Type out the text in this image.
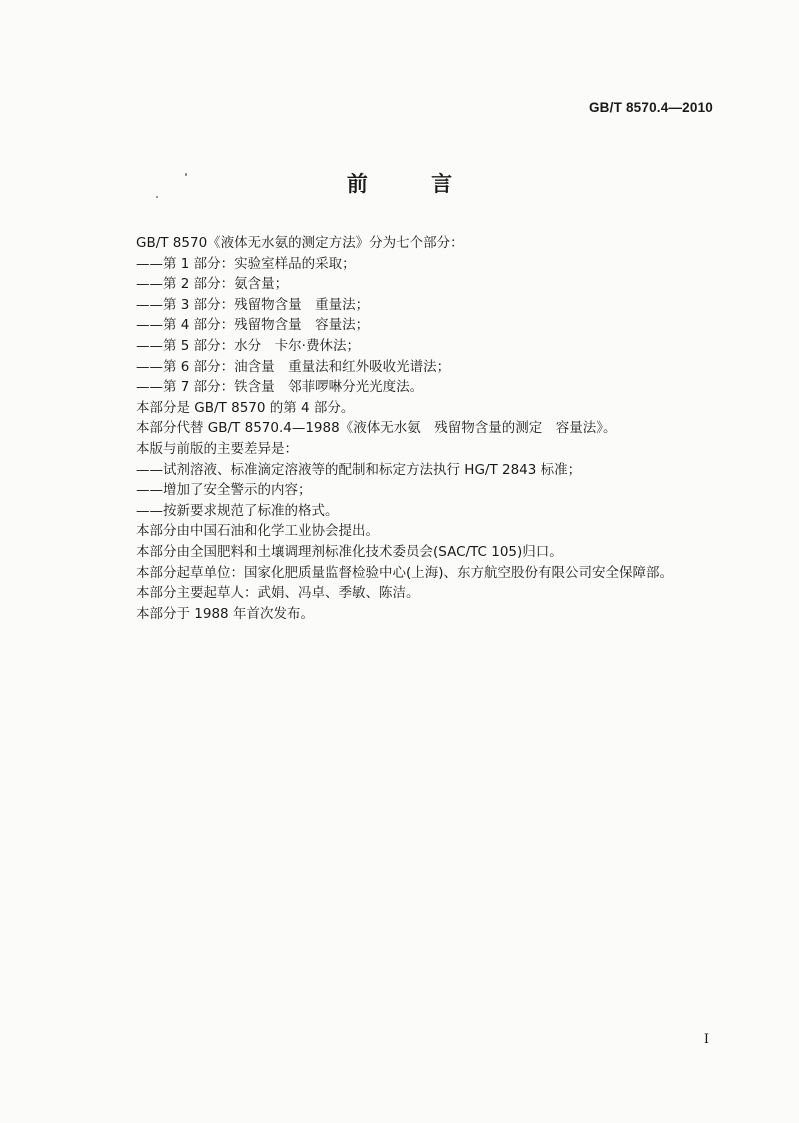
GB/T 8570.4—2010
前 言
GB/T 8570《液体无水氨的测定方法》分为七个部分：
——第 1 部分：实验室样品的采取；
——第 2 部分：氨含量；
——第 3 部分：残留物含量　重量法；
——第 4 部分：残留物含量　容量法；
——第 5 部分：水分　卡尔·费休法；
——第 6 部分：油含量　重量法和红外吸收光谱法；
——第 7 部分：铁含量　邻菲啰啉分光光度法。
本部分是 GB/T 8570 的第 4 部分。
本部分代替 GB/T 8570.4—1988《液体无水氨　残留物含量的测定　容量法》。
本版与前版的主要差异是：
——试剂溶液、标准滴定溶液等的配制和标定方法执行 HG/T 2843 标准；
——增加了安全警示的内容；
——按新要求规范了标准的格式。
本部分由中国石油和化学工业协会提出。
本部分由全国肥料和土壤调理剂标准化技术委员会(SAC/TC 105)归口。
本部分起草单位：国家化肥质量监督检验中心(上海)、东方航空股份有限公司安全保障部。
本部分主要起草人：武娟、冯卓、季敏、陈洁。
本部分于 1988 年首次发布。
I
